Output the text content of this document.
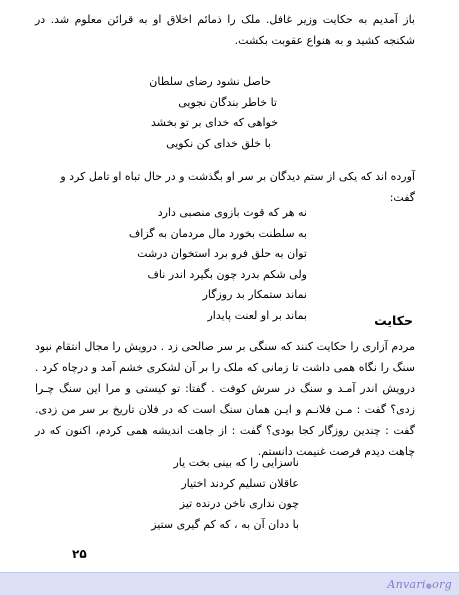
باز آمدیم به حکایت وزیر غافل. ملک را ذمائم اخلاق او به قرائن معلوم شد. در شکنجه کشید و به هنواع عقوبت بکشت.
حاصل نشود رضای سلطان
تا خاطر بندگان نجویی
خواهی که خدای بر تو بخشد
با خلق خدای کن نکویی
آورده اند که یکی از ستم دیدگان بر سر او بگذشت و در حال تباه او تامل کرد و گفت:
نه هر که قوت بازوی منصبی دارد
به سلطنت بخورد مال مردمان به گزاف
توان به حلق فرو برد استخوان درشت
ولی شکم بدرد چون بگیرد اندر ناف
نماند ستمکار بد روزگار
بماند بر او لعنت پایدار	حکایت
مردم آزاری را حکایت کنند که سنگی بر سر صالحی زد . درویش را مجال انتقام نبود سنگ را نگاه همی داشت تا زمانی که ملک را بر آن لشکری خشم آمد و درچاه کرد . درویش اندر آمـد و سنگ در سرش کوفت . گفتا: تو کیستی و مرا این سنگ چـرا زدی؟ گفت : مـن فلانـم و ایـن همان سنگ است که در فلان تاریخ بر سر من زدی. گفت : چندین روزگار کجا بودی؟ گفت : از جاهت اندیشه همی کردم، اکنون که در چاهت دیدم فرصت غنیمت دانستم.
ناسزایی را که بینی بخت یار
عاقلان تسلیم کردند اختیار
چون نداری ناخن درنده تیز
با ددان آن به ، که کم گیری ستیز
۲۵
Anvari●org
